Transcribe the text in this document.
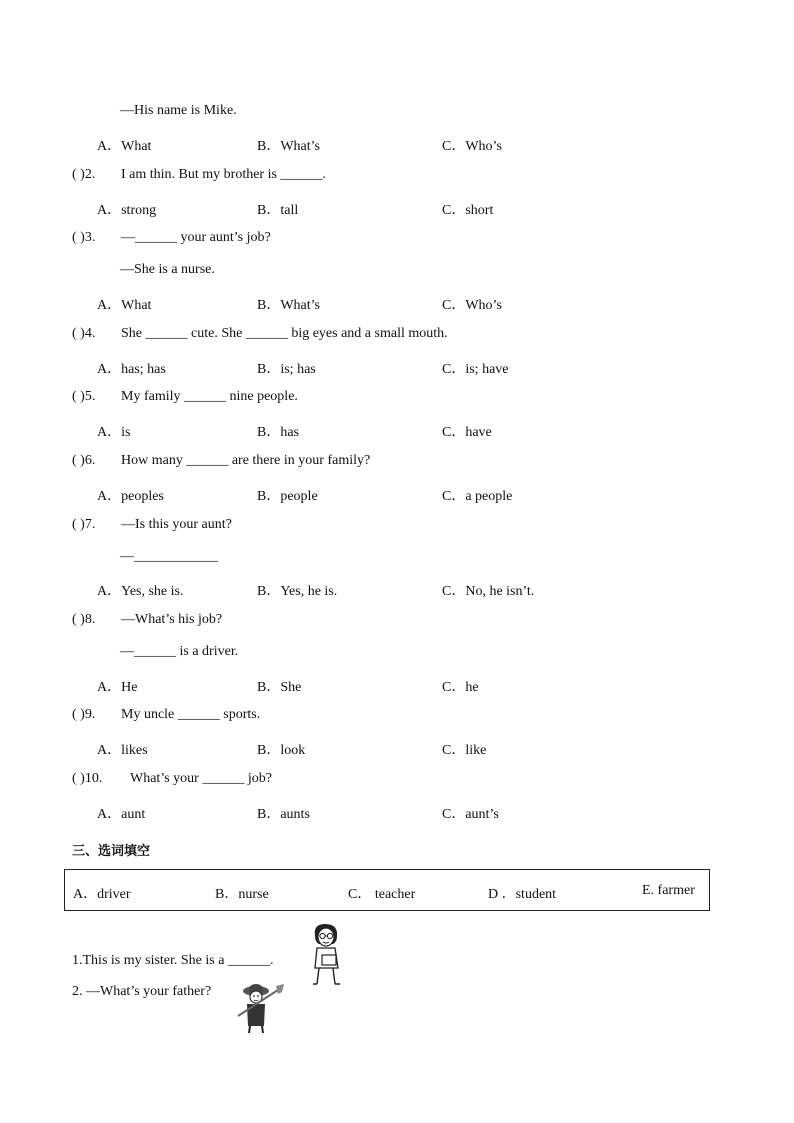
—His name is Mike.
A．What	B．What’s	C．Who’s
( )2. I am thin. But my brother is ______.
A．strong	B．tall	C．short
( )3. —______ your aunt’s job?
—She is a nurse.
A．What	B．What’s	C．Who’s
( )4. She ______ cute. She ______ big eyes and a small mouth.
A．has; has	B．is; has	C．is; have
( )5. My family ______ nine people.
A．is	B．has	C．have
( )6. How many ______ are there in your family?
A．peoples	B．people	C．a people
( )7. —Is this your aunt?
—____________
A．Yes, she is.	B．Yes, he is.	C．No, he isn’t.
( )8. —What’s his job?
—______ is a driver.
A．He	B．She	C．he
( )9. My uncle ______ sports.
A．likes	B．look	C．like
( )10. What’s your ______ job?
A．aunt	B．aunts	C．aunt’s
三、选词填空
A．driver	B．nurse	C． teacher	D ．student	E. farmer
1.This is my sister. She is a ______.
2. —What’s your father?
